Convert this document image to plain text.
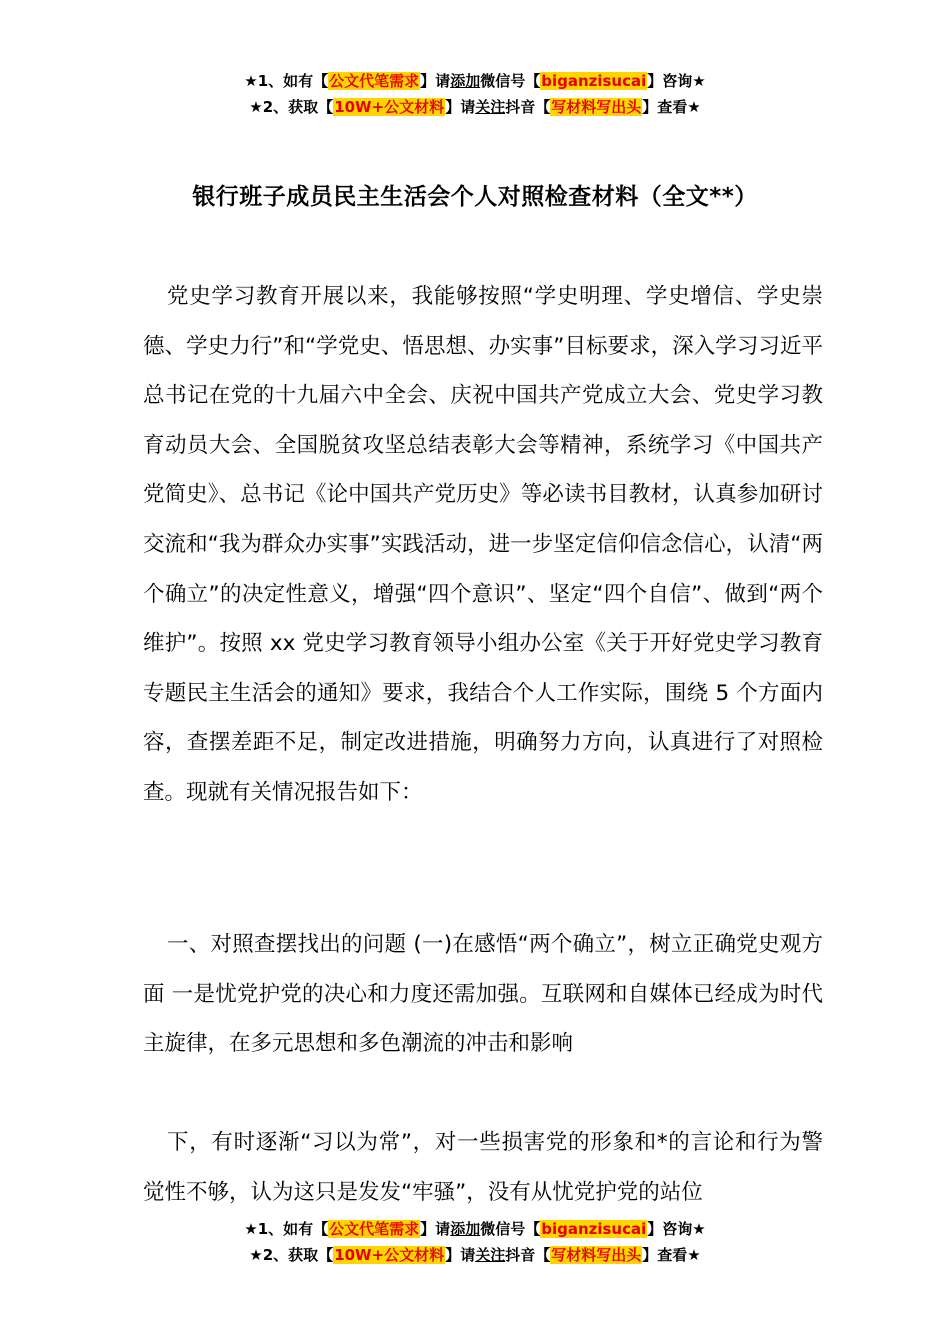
★1、如有【公文代笔需求】请添加微信号【biganzisucai】咨询★
★2、获取【10W+公文材料】请关注抖音【写材料写出头】查看★
银行班子成员民主生活会个人对照检查材料（全文**）

党史学习教育开展以来，我能够按照“学史明理、学史增信、学史崇德、学史力行”和“学党史、悟思想、办实事”目标要求，深入学习习近平总书记在党的十九届六中全会、庆祝中国共产党成立大会、党史学习教育动员大会、全国脱贫攻坚总结表彰大会等精神，系统学习《中国共产党简史》、总书记《论中国共产党历史》等必读书目教材，认真参加研讨交流和“我为群众办实事”实践活动，进一步坚定信仰信念信心，认清“两个确立”的决定性意义，增强“四个意识”、坚定“四个自信”、做到“两个维护”。按照 xx 党史学习教育领导小组办公室《关于开好党史学习教育专题民主生活会的通知》要求，我结合个人工作实际，围绕 5 个方面内容，查摆差距不足，制定改进措施，明确努力方向，认真进行了对照检查。现就有关情况报告如下：

一、对照查摆找出的问题 (一)在感悟“两个确立”，树立正确党史观方面 一是忧党护党的决心和力度还需加强。互联网和自媒体已经成为时代主旋律，在多元思想和多色潮流的冲击和影响

下，有时逐渐“习以为常”，对一些损害党的形象和*的言论和行为警觉性不够，认为这只是发发“牢骚”，没有从忧党护党的站位

★1、如有【公文代笔需求】请添加微信号【biganzisucai】咨询★
★2、获取【10W+公文材料】请关注抖音【写材料写出头】查看★
